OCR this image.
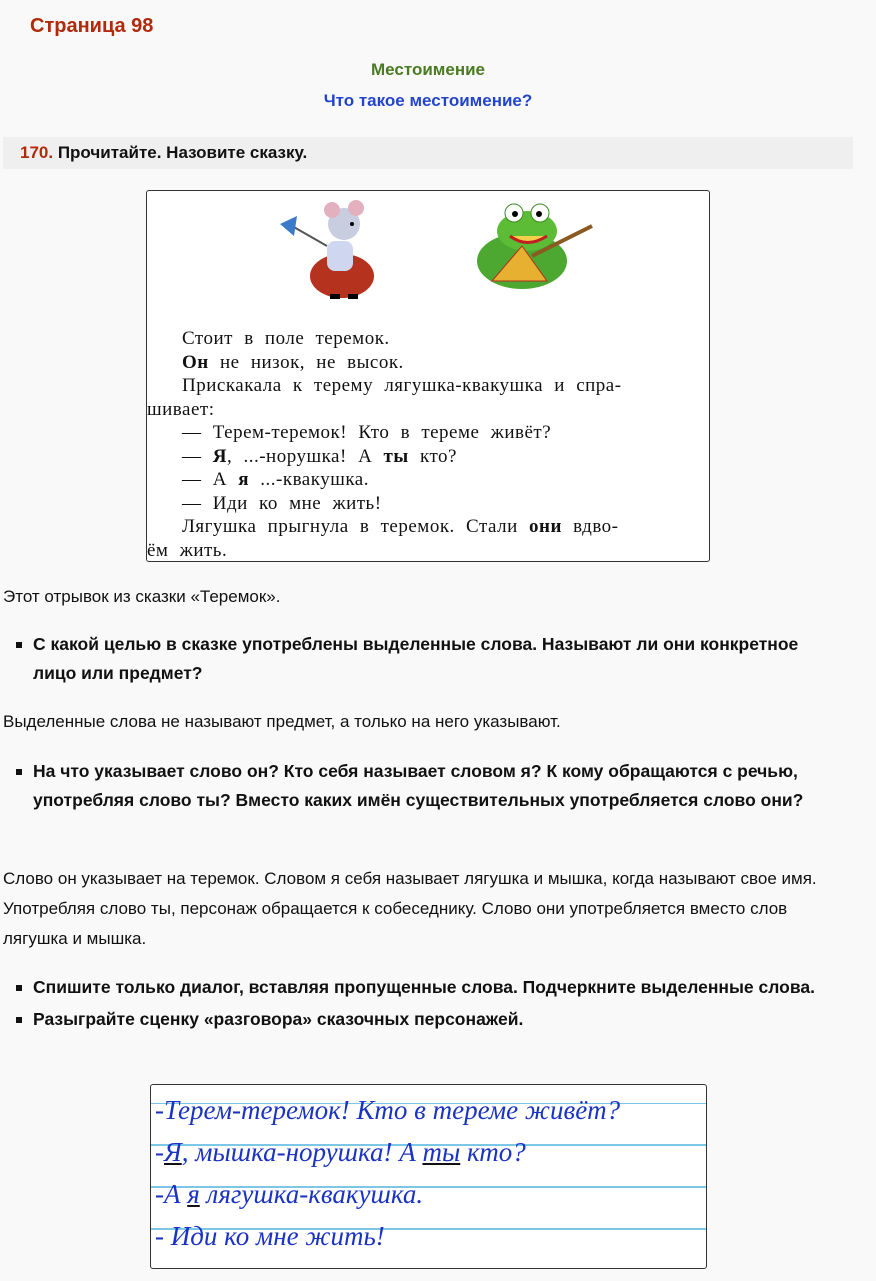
Страница 98
Местоимение
Что такое местоимение?
170. Прочитайте. Назовите сказку.
Стоит в поле теремок.
Он не низок, не высок.
Прискакала к терему лягушка-квакушка и спра-
шивает:
— Терем-теремок! Кто в тереме живёт?
— Я, ...-норушка! А ты кто?
— А я ...-квакушка.
— Иди ко мне жить!
Лягушка прыгнула в теремок. Стали они вдво-
ём жить.
Этот отрывок из сказки «Теремок».
С какой целью в сказке употреблены выделенные слова. Называют ли они конкретное лицо или предмет?
Выделенные слова не называют предмет, а только на него указывают.
На что указывает слово он? Кто себя называет словом я? К кому обращаются с речью, употребляя слово ты? Вместо каких имён существительных употребляется слово они?
Слово он указывает на теремок. Словом я себя называет лягушка и мышка, когда называют свое имя. Употребляя слово ты, персонаж обращается к собеседнику. Слово они употребляется вместо слов лягушка и мышка.
Спишите только диалог, вставляя пропущенные слова. Подчеркните выделенные слова.
Разыграйте сценку «разговора» сказочных персонажей.
-Терем-теремок! Кто в тереме живёт?
-Я, мышка-норушка! А ты кто?
-А я лягушка-квакушка.
- Иди ко мне жить!
